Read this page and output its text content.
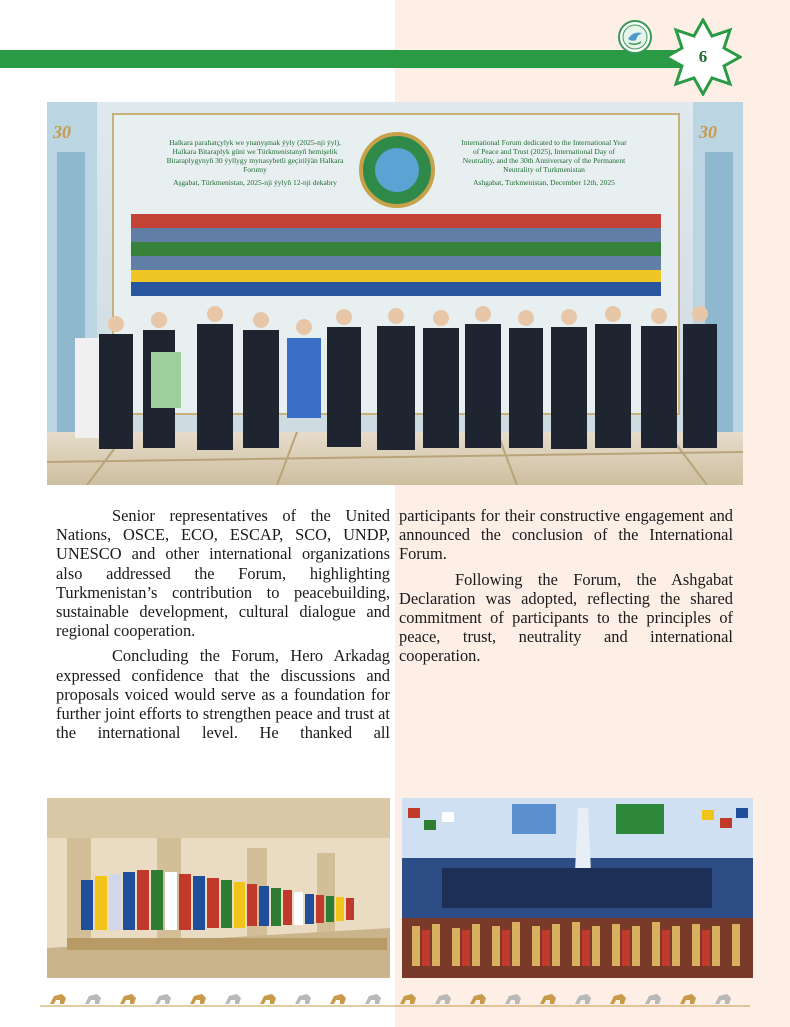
6
Halkara parahatçylyk we ynanyşmak ýyly (2025-nji ýyl), Halkara Bitaraplyk güni we Türkmenistanyň hemişelik Bitaraplygynyň 30 ýyllygy mynasybetli geçirilýän Halkara Forumy
Aşgabat, Türkmenistan, 2025-nji ýylyň 12-nji dekabry
International Forum dedicated to the International Year of Peace and Trust (2025), International Day of Neutrality, and the 30th Anniversary of the Permanent Neutrality of Turkmenistan
Ashgabat, Turkmenistan, December 12th, 2025
30	30

Senior representatives of the United Nations, OSCE, ECO, ESCAP, SCO, UNDP, UNESCO and other international organizations also addressed the Forum, highlighting Turkmenistan’s contribution to peacebuilding, sustainable development, cultural dialogue and regional cooperation.

Concluding the Forum, Hero Arkadag expressed confidence that the discussions and proposals voiced would serve as a foundation for further joint efforts to strengthen peace and trust at the international level. He thanked all

participants for their constructive engagement and announced the conclusion of the International Forum.

Following the Forum, the Ashgabat Declaration was adopted, reflecting the shared commitment of participants to the principles of peace, trust, neutrality and international cooperation.
